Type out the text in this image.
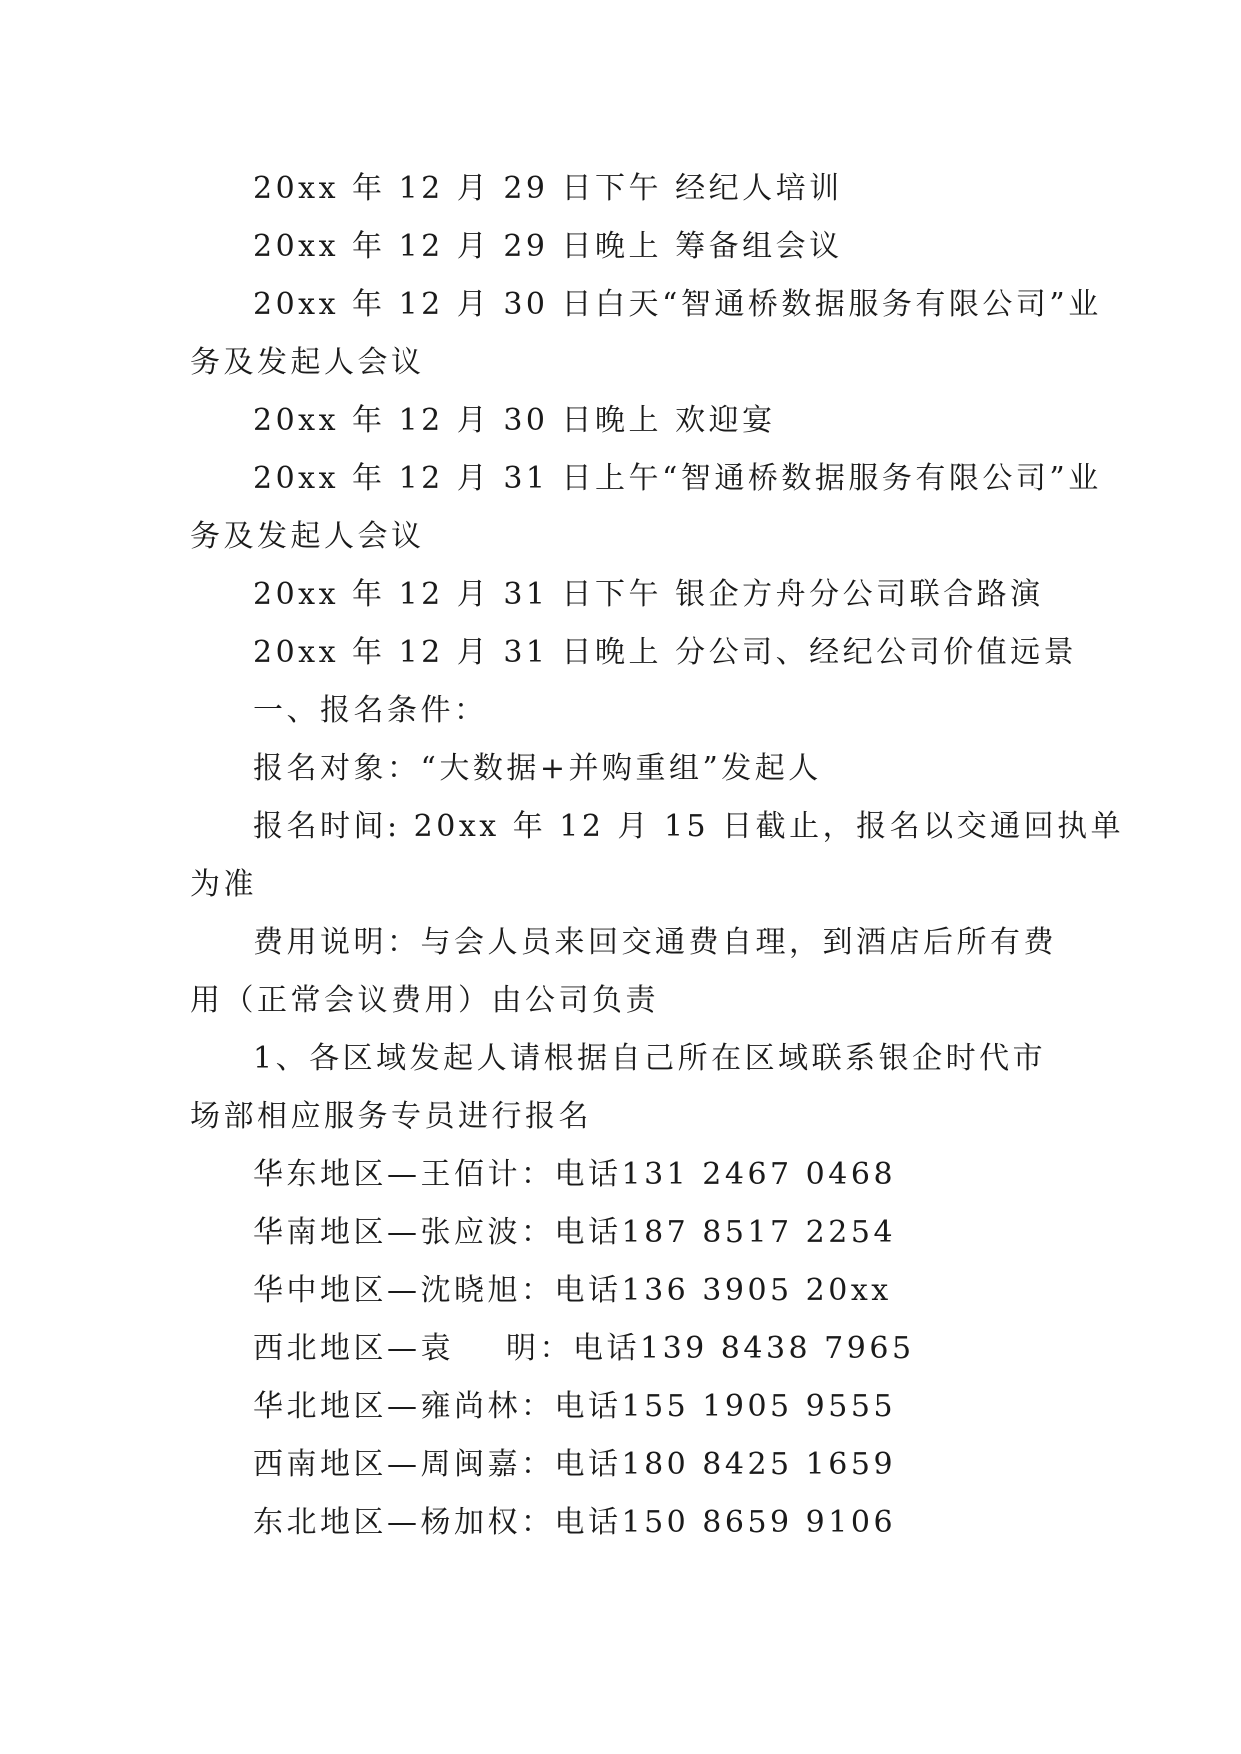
20xx 年 12 月 29 日下午 经纪人培训
20xx 年 12 月 29 日晚上 筹备组会议
20xx 年 12 月 30 日白天“智通桥数据服务有限公司”业
务及发起人会议
20xx 年 12 月 30 日晚上 欢迎宴
20xx 年 12 月 31 日上午“智通桥数据服务有限公司”业
务及发起人会议
20xx 年 12 月 31 日下午 银企方舟分公司联合路演
20xx 年 12 月 31 日晚上 分公司、经纪公司价值远景
一、报名条件：
报名对象：“大数据+并购重组”发起人
报名时间: 20xx 年 12 月 15 日截止，报名以交通回执单
为准
费用说明：与会人员来回交通费自理，到酒店后所有费
用（正常会议费用）由公司负责
1、各区域发起人请根据自己所在区域联系银企时代市
场部相应服务专员进行报名
华东地区—王佰计：电话131 2467 0468
华南地区—张应波：电话187 8517 2254
华中地区—沈晓旭：电话136 3905 20xx
西北地区—袁 明：电话139 8438 7965
华北地区—雍尚林：电话155 1905 9555
西南地区—周闽嘉：电话180 8425 1659
东北地区—杨加权：电话150 8659 9106
